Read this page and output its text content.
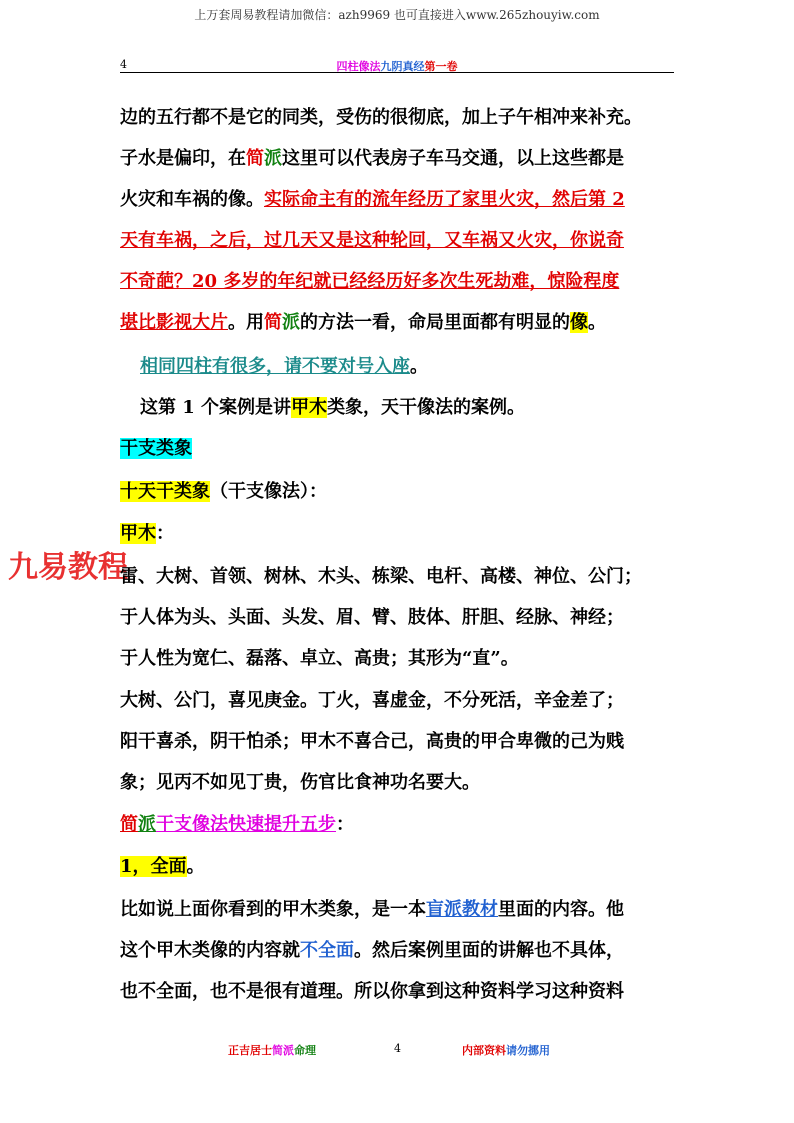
上万套周易教程请加微信：azh9969 也可直接进入www.265zhouyiw.com
4	四柱像法九阴真经第一卷
边的五行都不是它的同类，受伤的很彻底，加上子午相冲来补充。
子水是偏印，在简派这里可以代表房子车马交通，以上这些都是
火灾和车祸的像。实际命主有的流年经历了家里火灾，然后第 2
天有车祸，之后，过几天又是这种轮回，又车祸又火灾，你说奇
不奇葩？20 多岁的年纪就已经经历好多次生死劫难，惊险程度
堪比影视大片。用简派的方法一看，命局里面都有明显的像。
相同四柱有很多，请不要对号入座。
这第 1 个案例是讲甲木类象，天干像法的案例。
干支类象
十天干类象（干支像法）：
甲木：
九易教程
雷、大树、首领、树林、木头、栋梁、电杆、高楼、神位、公门；
于人体为头、头面、头发、眉、臂、肢体、肝胆、经脉、神经；
于人性为宽仁、磊落、卓立、高贵；其形为“直”。
大树、公门，喜见庚金。丁火，喜虚金，不分死活，辛金差了；
阳干喜杀，阴干怕杀；甲木不喜合己，高贵的甲合卑微的己为贱
象；见丙不如见丁贵，伤官比食神功名要大。
简派干支像法快速提升五步：
1，全面。
比如说上面你看到的甲木类象，是一本盲派教材里面的内容。他
这个甲木类像的内容就不全面。然后案例里面的讲解也不具体，
也不全面，也不是很有道理。所以你拿到这种资料学习这种资料
正吉居士简派命理	4	内部资料请勿挪用
